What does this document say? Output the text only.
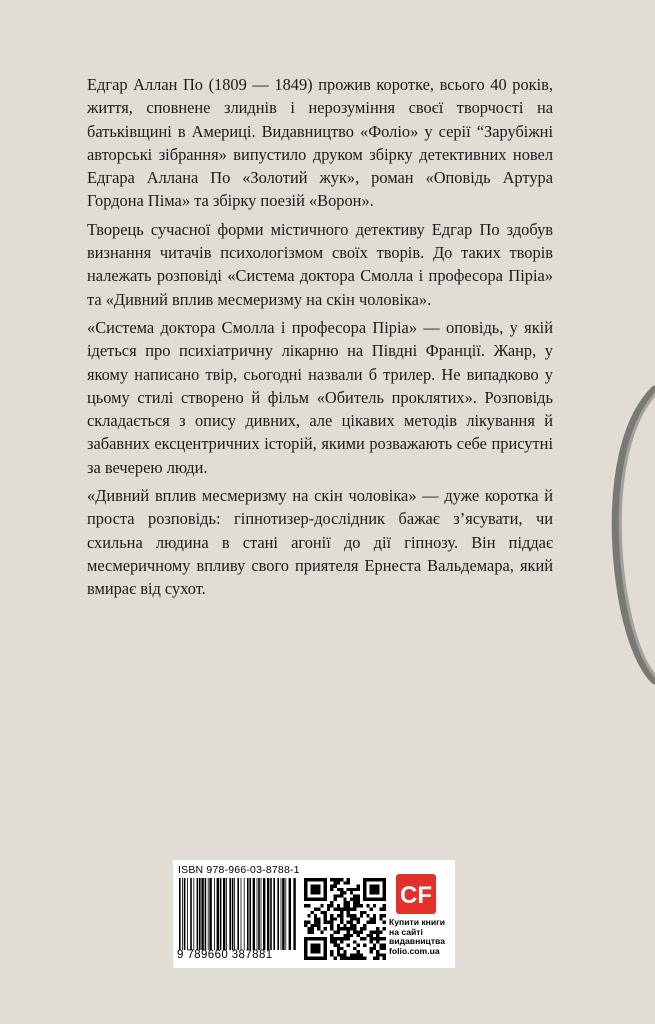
Едгар Аллан По (1809 — 1849) прожив коротке, всього 40 років, життя, сповнене злиднів і нерозуміння своєї творчості на батьківщині в Америці. Видавництво «Фоліо» у серії “Зарубіжні авторські зібрання» випустило друком збірку детективних новел Едгара Аллана По «Золотий жук», роман «Оповідь Артура Гордона Піма» та збірку поезій «Ворон».

Творець сучасної форми містичного детективу Едгар По здобув визнання читачів психологізмом своїх творів. До таких творів належать розповіді «Система доктора Смолла і професора Піріа» та «Дивний вплив месмеризму на скін чоловіка».

«Система доктора Смолла і професора Піріа» — оповідь, у якій ідеться про психіатричну лікарню на Півдні Франції. Жанр, у якому написано твір, сьогодні назвали б трилер. Не випадково у цьому стилі створено й фільм «Обитель проклятих». Розповідь складається з опису дивних, але цікавих методів лікування й забавних ексцентричних історій, якими розважають себе присутні за вечерею люди.

«Дивний вплив месмеризму на скін чоловіка» — дуже коротка й проста розповідь: гіпнотизер-дослідник бажає з’ясувати, чи схильна людина в стані агонії до дії гіпнозу. Він піддає месмеричному впливу свого приятеля Ернеста Вальдемара, який вмирає від сухот.

ISBN 978-966-03-8788-1
9 789660 387881
CF
Купити книги
на сайті
видавництва
folio.com.ua
